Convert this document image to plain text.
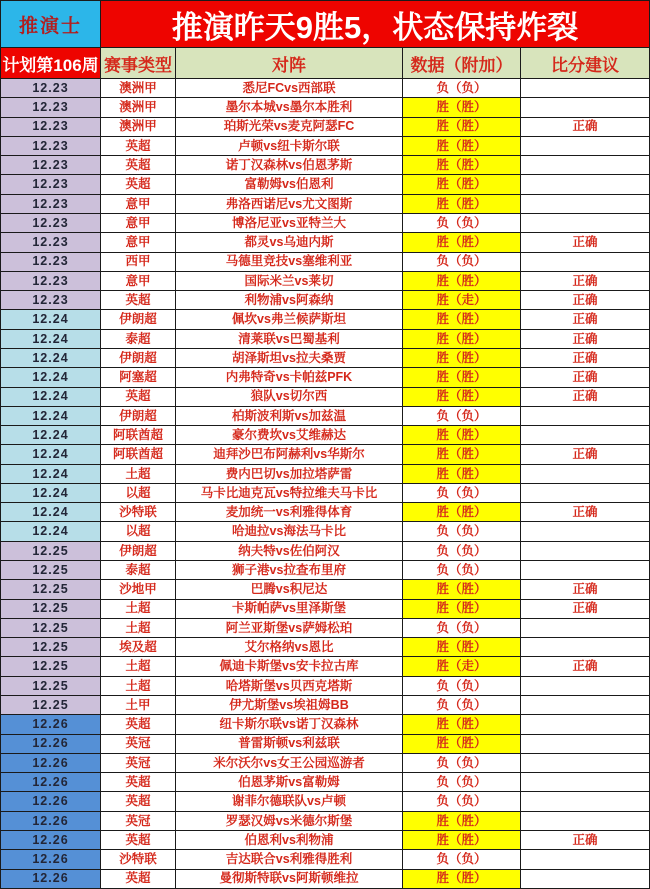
推演士	推演昨天9胜5，状态保持炸裂
计划第106周 赛事类型	对阵	数据（附加）	比分建议
12.23	澳洲甲	悉尼FCvs西部联	负（负）
12.23	澳洲甲	墨尔本城vs墨尔本胜利	胜（胜）
12.23	澳洲甲	珀斯光荣vs麦克阿瑟FC	胜（胜）	正确
12.23	英超	卢顿vs纽卡斯尔联	胜（胜）
12.23	英超	诺丁汉森林vs伯恩茅斯	胜（胜）
12.23	英超	富勒姆vs伯恩利	胜（胜）
12.23	意甲	弗洛西诺尼vs尤文图斯	胜（胜）
12.23	意甲	博洛尼亚vs亚特兰大	负（负）
12.23	意甲	都灵vs乌迪内斯	胜（胜）	正确
12.23	西甲	马德里竞技vs塞维利亚	负（负）
12.23	意甲	国际米兰vs莱切	胜（胜）	正确
12.23	英超	利物浦vs阿森纳	胜（走）	正确
12.24	伊朗超	佩坎vs弗兰候萨斯坦	胜（胜）	正确
12.24	泰超	清莱联vs巴蜀基利	胜（胜）	正确
12.24	伊朗超	胡泽斯坦vs拉夫桑贾	胜（胜）	正确
12.24	阿塞超	内弗特奇vs卡帕兹PFK	胜（胜）	正确
12.24	英超	狼队vs切尔西	胜（胜）	正确
12.24	伊朗超	柏斯波利斯vs加兹温	负（负）
12.24	阿联酋超	豪尔费坎vs艾维赫达	胜（胜）
12.24	阿联酋超	迪拜沙巴布阿赫利vs华斯尔	胜（胜）	正确
12.24	土超	费内巴切vs加拉塔萨雷	胜（胜）
12.24	以超	马卡比迪克瓦vs特拉维夫马卡比	负（负）
12.24	沙特联	麦加统一vs利雅得体育	胜（胜）	正确
12.24	以超	哈迪拉vs海法马卡比	负（负）
12.25	伊朗超	纳夫特vs佐伯阿汉	负（负）
12.25	泰超	狮子港vs拉查布里府	负（负）
12.25	沙地甲	巴腾vs积尼达	胜（胜）	正确
12.25	土超	卡斯帕萨vs里泽斯堡	胜（胜）	正确
12.25	土超	阿兰亚斯堡vs萨姆松珀	负（负）
12.25	埃及超	艾尔格纳vs恩比	胜（胜）
12.25	土超	佩迪卡斯堡vs安卡拉古库	胜（走）	正确
12.25	土超	哈塔斯堡vs贝西克塔斯	负（负）
12.25	土甲	伊尤斯堡vs埃祖姆BB	负（负）
12.26	英超	纽卡斯尔联vs诺丁汉森林	胜（胜）
12.26	英冠	普雷斯顿vs利兹联	胜（胜）
12.26	英冠	米尔沃尔vs女王公园巡游者	负（负）
12.26	英超	伯恩茅斯vs富勒姆	负（负）
12.26	英超	谢菲尔德联队vs卢顿	负（负）
12.26	英冠	罗瑟汉姆vs米德尔斯堡	胜（胜）
12.26	英超	伯恩利vs利物浦	胜（胜）	正确
12.26	沙特联	吉达联合vs利雅得胜利	负（负）
12.26	英超	曼彻斯特联vs阿斯顿维拉	胜（胜）
